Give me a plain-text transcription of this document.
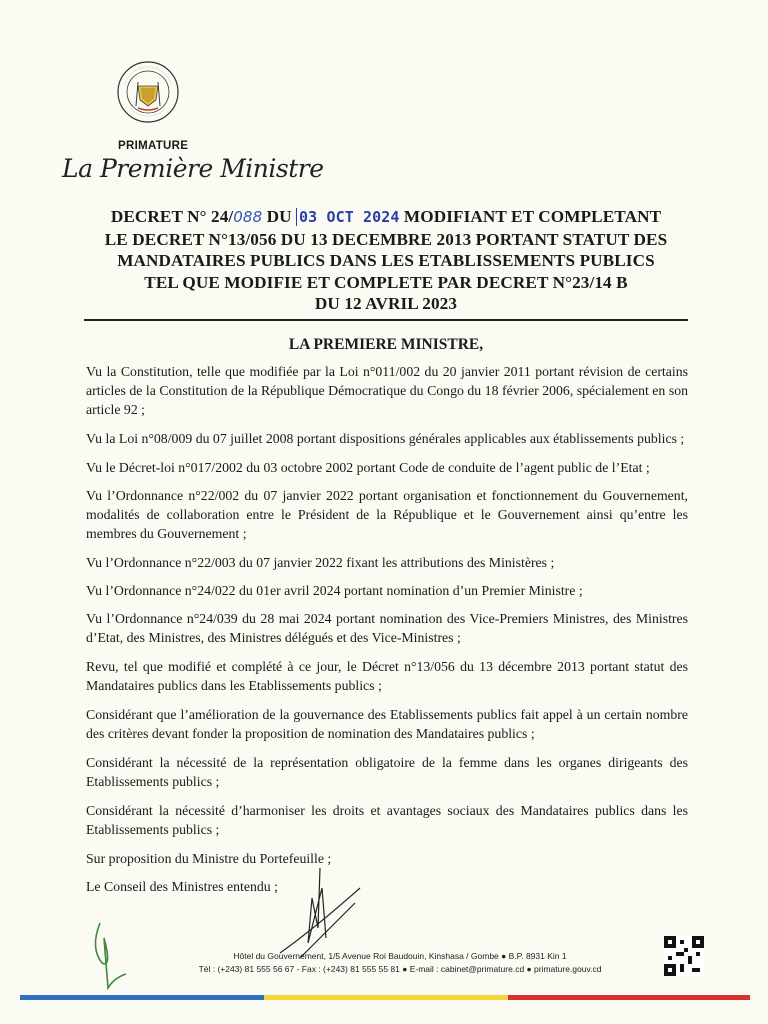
PRIMATURE
La Première Ministre
DECRET N° 24/088 DU 03 OCT 2024 MODIFIANT ET COMPLETANT
LE DECRET N°13/056 DU 13 DECEMBRE 2013 PORTANT STATUT DES
MANDATAIRES PUBLICS DANS LES ETABLISSEMENTS PUBLICS
TEL QUE MODIFIE ET COMPLETE PAR DECRET N°23/14 B
DU 12 AVRIL 2023
LA PREMIERE MINISTRE,

Vu la Constitution, telle que modifiée par la Loi n°011/002 du 20 janvier 2011 portant révision de certains articles de la Constitution de la République Démocratique du Congo du 18 février 2006, spécialement en son article 92 ;

Vu la Loi n°08/009 du 07 juillet 2008 portant dispositions générales applicables aux établissements publics ;

Vu le Décret-loi n°017/2002 du 03 octobre 2002 portant Code de conduite de l’agent public de l’Etat ;

Vu l’Ordonnance n°22/002 du 07 janvier 2022 portant organisation et fonctionnement du Gouvernement, modalités de collaboration entre le Président de la République et le Gouvernement ainsi qu’entre les membres du Gouvernement ;

Vu l’Ordonnance n°22/003 du 07 janvier 2022 fixant les attributions des Ministères ;

Vu l’Ordonnance n°24/022 du 01er avril 2024 portant nomination d’un Premier Ministre ;

Vu l’Ordonnance n°24/039 du 28 mai 2024 portant nomination des Vice-Premiers Ministres, des Ministres d’Etat, des Ministres, des Ministres délégués et des Vice-Ministres ;

Revu, tel que modifié et complété à ce jour, le Décret n°13/056 du 13 décembre 2013 portant statut des Mandataires publics dans les Etablissements publics ;

Considérant que l’amélioration de la gouvernance des Etablissements publics fait appel à un certain nombre des critères devant fonder la proposition de nomination des Mandataires publics ;

Considérant la nécessité de la représentation obligatoire de la femme dans les organes dirigeants des Etablissements publics ;

Considérant la nécessité d’harmoniser les droits et avantages sociaux des Mandataires publics dans les Etablissements publics ;

Sur proposition du Ministre du Portefeuille ;

Le Conseil des Ministres entendu ;

Hôtel du Gouvernement, 1/5 Avenue Roi Baudouin, Kinshasa / Gombe ● B.P. 8931 Kin 1
Tél : (+243) 81 555 56 67 - Fax : (+243) 81 555 55 81 ● E-mail : cabinet@primature.cd ● primature.gouv.cd
